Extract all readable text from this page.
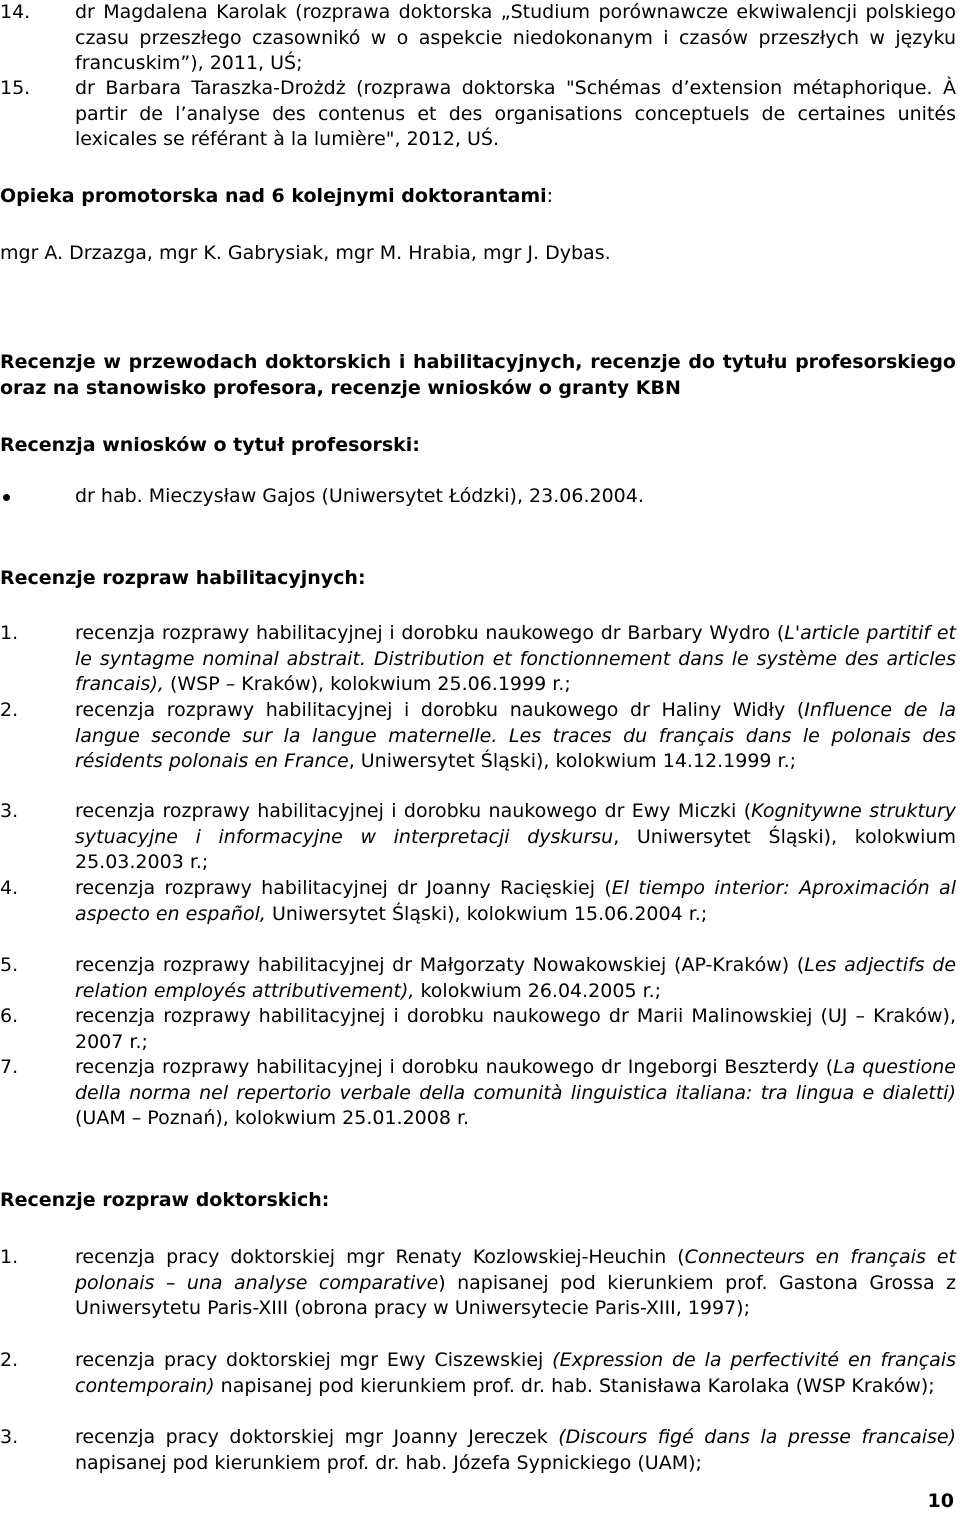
14.	dr Magdalena Karolak (rozprawa doktorska „Studium porównawcze ekwiwalencji polskiego czasu przeszłego czasownikó w o aspekcie niedokonanym i czasów przeszłych w języku francuskim”), 2011, UŚ;
15.	dr Barbara Taraszka-Drożdż (rozprawa doktorska "Schémas d’extension métaphorique. À partir de l’analyse des contenus et des organisations conceptuels de certaines unités lexicales se référant à la lumière", 2012, UŚ.
Opieka promotorska nad 6 kolejnymi doktorantami:
mgr A. Drzazga, mgr K. Gabrysiak, mgr M. Hrabia, mgr J. Dybas.
Recenzje w przewodach doktorskich i habilitacyjnych, recenzje do tytułu profesorskiego oraz na stanowisko profesora, recenzje wniosków o granty KBN
Recenzja wniosków o tytuł profesorski:
dr hab. Mieczysław Gajos (Uniwersytet Łódzki), 23.06.2004.
Recenzje rozpraw habilitacyjnych:
1.	recenzja rozprawy habilitacyjnej i dorobku naukowego dr Barbary Wydro (L'article partitif et le syntagme nominal abstrait. Distribution et fonctionnement dans le système des articles francais), (WSP – Kraków), kolokwium 25.06.1999 r.;
2.	recenzja rozprawy habilitacyjnej i dorobku naukowego dr Haliny Widły (Influence de la langue seconde sur la langue maternelle. Les traces du français dans le polonais des résidents polonais en France, Uniwersytet Śląski), kolokwium 14.12.1999 r.;
3.	recenzja rozprawy habilitacyjnej i dorobku naukowego dr Ewy Miczki (Kognitywne struktury sytuacyjne i informacyjne w interpretacji dyskursu, Uniwersytet Śląski), kolokwium 25.03.2003 r.;
4.	recenzja rozprawy habilitacyjnej dr Joanny Racięskiej (El tiempo interior: Aproximación al aspecto en español, Uniwersytet Śląski), kolokwium 15.06.2004 r.;
5.	recenzja rozprawy habilitacyjnej dr Małgorzaty Nowakowskiej (AP-Kraków) (Les adjectifs de relation employés attributivement), kolokwium 26.04.2005 r.;
6.	recenzja rozprawy habilitacyjnej i dorobku naukowego dr Marii Malinowskiej (UJ – Kraków), 2007 r.;
7.	recenzja rozprawy habilitacyjnej i dorobku naukowego dr Ingeborgi Beszterdy (La questione della norma nel repertorio verbale della comunità linguistica italiana: tra lingua e dialetti) (UAM – Poznań), kolokwium 25.01.2008 r.
Recenzje rozpraw doktorskich:
1.	recenzja pracy doktorskiej mgr Renaty Kozlowskiej-Heuchin (Connecteurs en français et polonais – una analyse comparative) napisanej pod kierunkiem prof. Gastona Grossa z Uniwersytetu Paris-XIII (obrona pracy w Uniwersytecie Paris-XIII, 1997);
2.	recenzja pracy doktorskiej mgr Ewy Ciszewskiej (Expression de la perfectivité en français contemporain) napisanej pod kierunkiem prof. dr. hab. Stanisława Karolaka (WSP Kraków);
3.	recenzja pracy doktorskiej mgr Joanny Jereczek (Discours figé dans la presse francaise) napisanej pod kierunkiem prof. dr. hab. Józefa Sypnickiego (UAM);
10
